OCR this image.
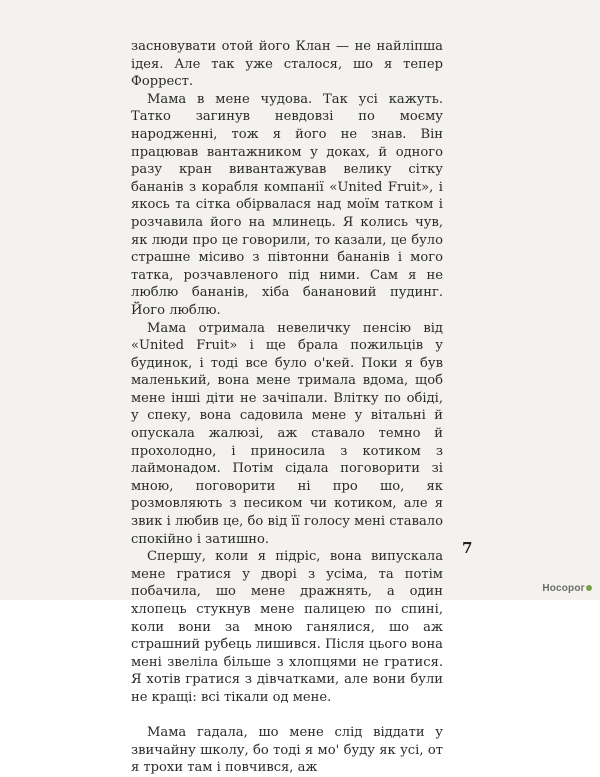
засновувати отой його Клан — не найліпша ідея. Але так уже сталося, шо я тепер Форрест.

Мама в мене чудова. Так усі кажуть. Татко загинув невдовзі по моєму народженні, тож я його не знав. Він працював вантажником у доках, й одного разу кран вивантажував велику сітку бананів з корабля компанії «United Fruit», і якось та сітка обірвалася над моїм татком і розчавила його на млинець. Я колись чув, як люди про це говорили, то казали, це було страшне місиво з півтонни бананів і мого татка, розчавленого під ними. Сам я не люблю бананів, хіба банановий пудинг. Його люблю.

Мама отримала невеличку пенсію від «United Fruit» і ще брала пожильців у будинок, і тоді все було о'кей. Поки я був маленький, вона мене тримала вдома, щоб мене інші діти не зачіпали. Влітку по обіді, у спеку, вона садовила мене у вітальні й опускала жалюзі, аж ставало темно й прохолодно, і приносила з котиком з лаймонадом. Потім сідала поговорити зі мною, поговорити ні про шо, як розмовляють з песиком чи котиком, але я звик і любив це, бо від її голосу мені ставало спокійно і затишно.

Спершу, коли я підріс, вона випускала мене гратися у дворі з усіма, та потім побачила, шо мене дражнять, а один хлопець стукнув мене палицею по спині, коли вони за мною ганялися, шо аж страшний рубець лишився. Після цього вона мені звеліла більше з хлопцями не гратися. Я хотів гратися з дівчатками, але вони були не кращі: всі тікали од мене.

Мама гадала, шо мене слід віддати у звичайну школу, бо тоді я мо' буду як усі, от я трохи там і повчився, аж

7
Носорог
